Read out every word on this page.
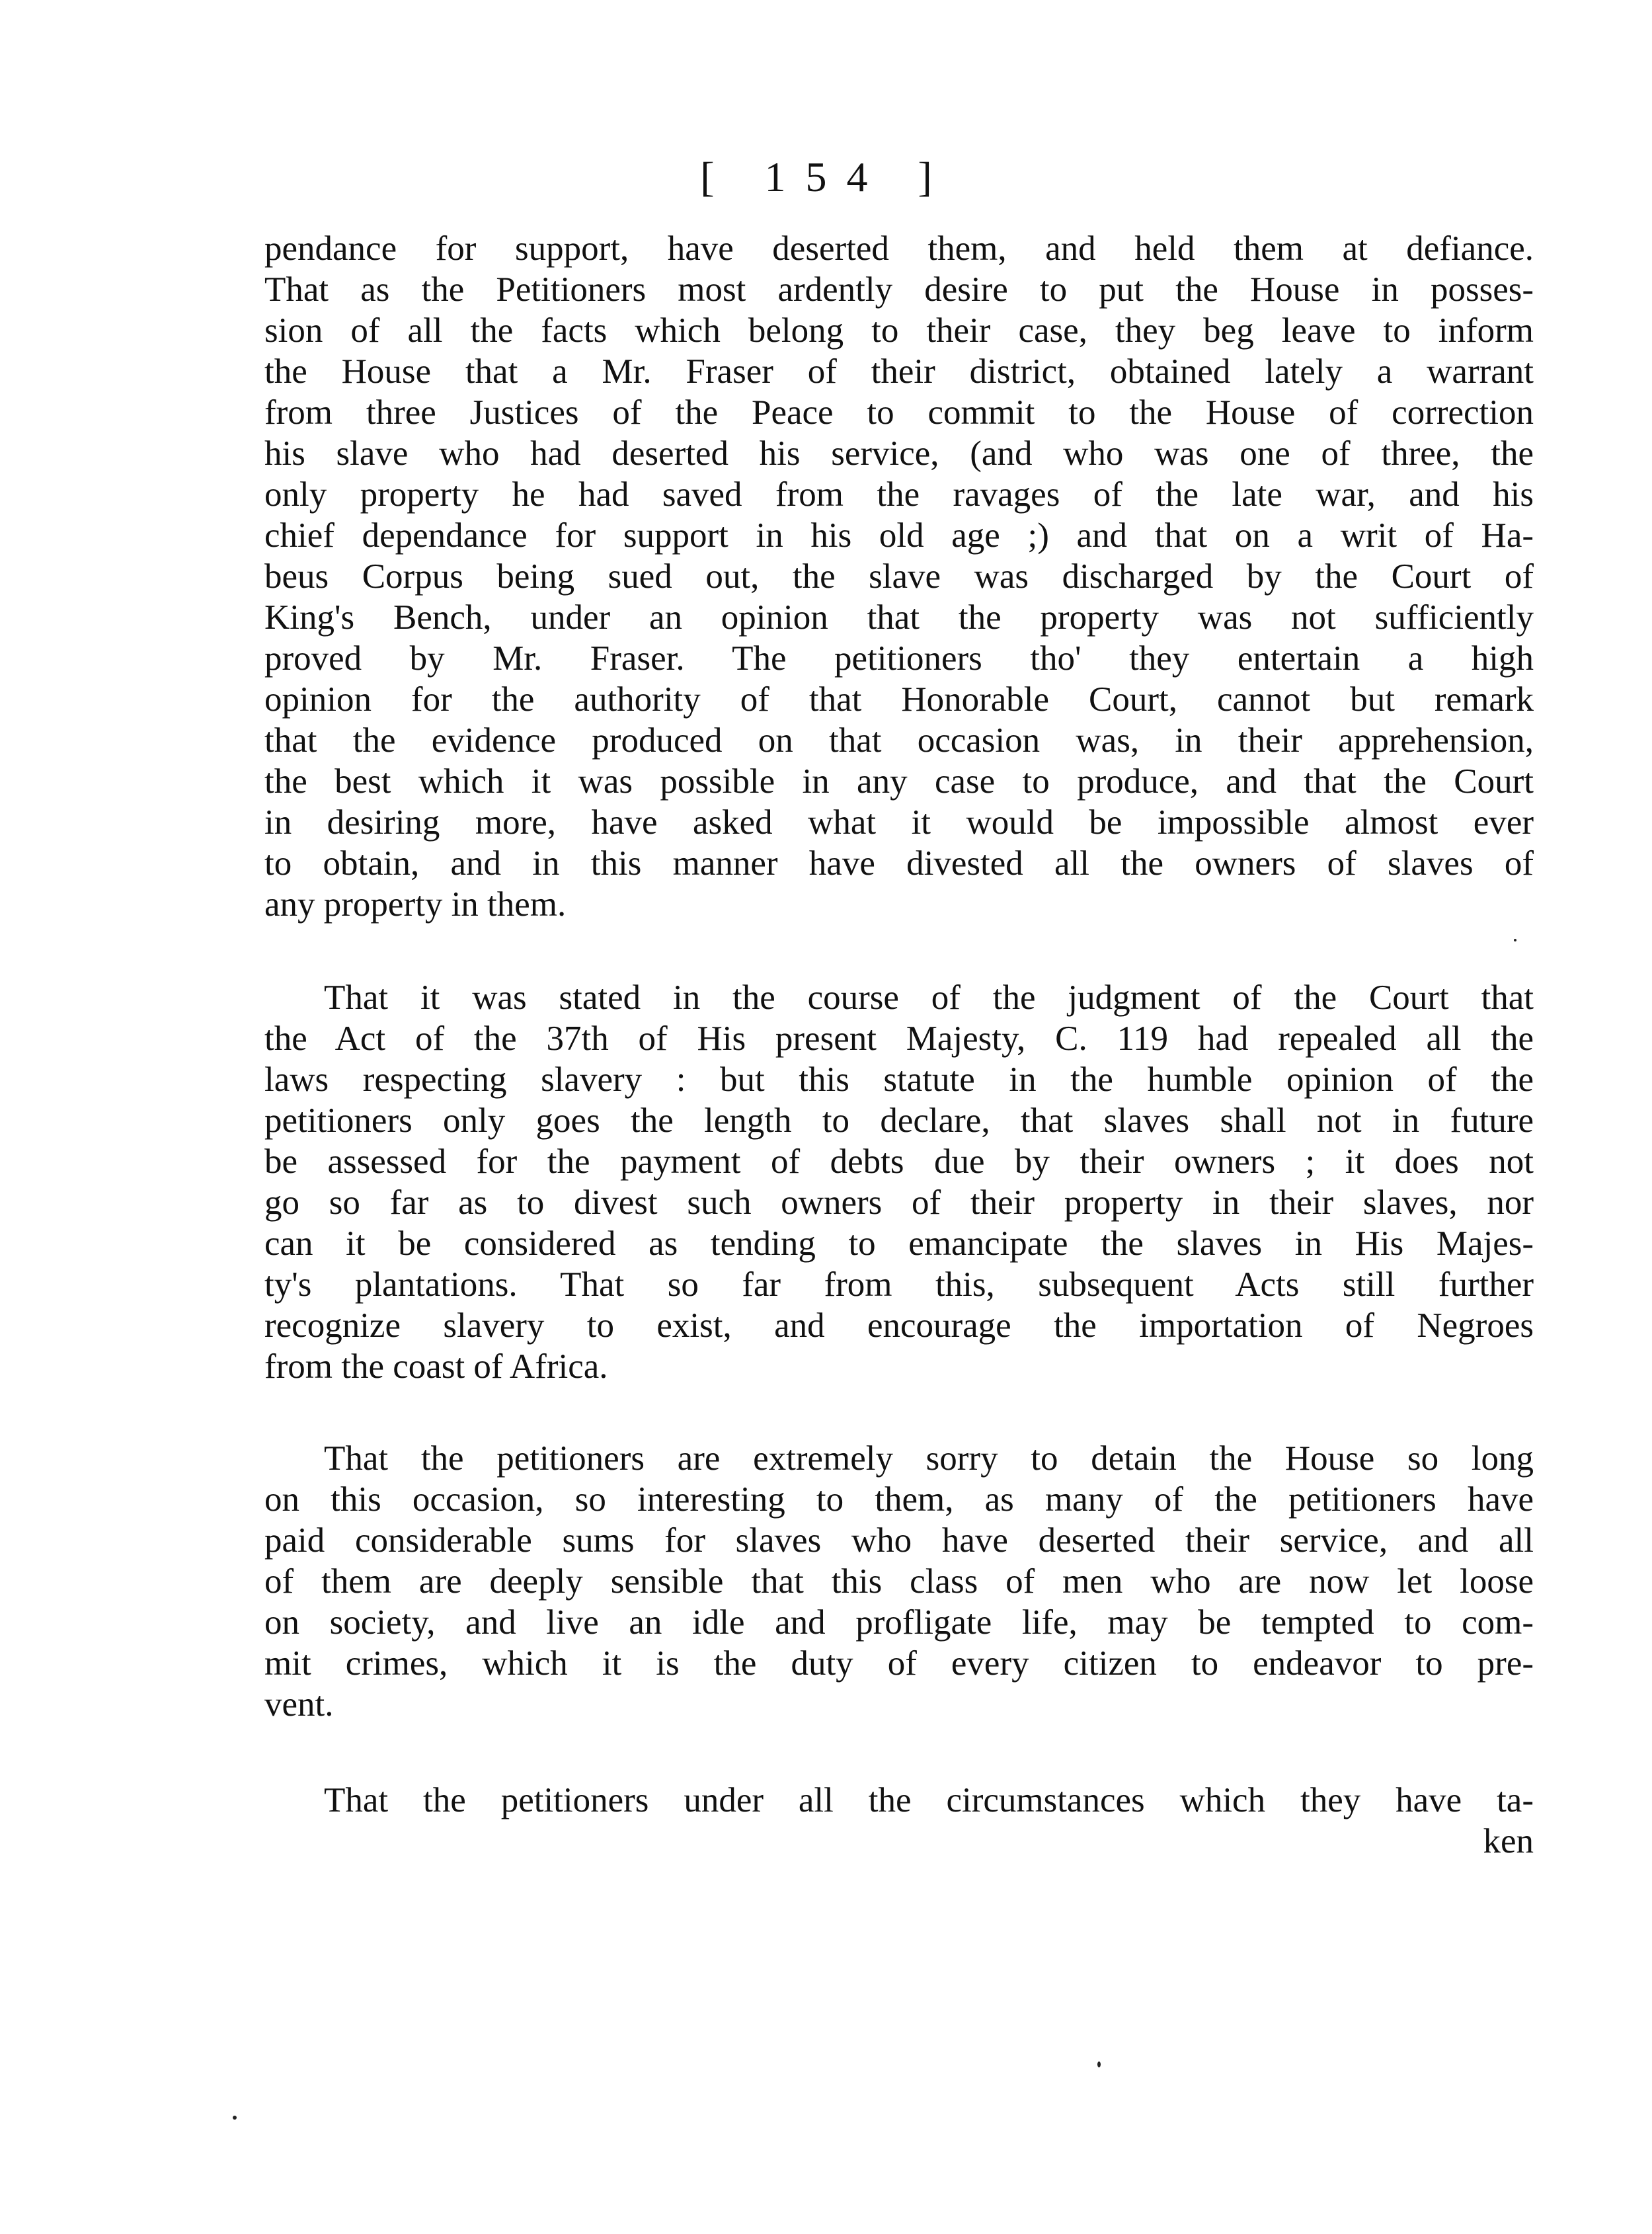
[ 154 ]
pendance for support, have deserted them, and held them at defiance.
That as the Petitioners most ardently desire to put the House in posses-
sion of all the facts which belong to their case, they beg leave to inform
the House that a Mr. Fraser of their district, obtained lately a warrant
from three Justices of the Peace to commit to the House of correction
his slave who had deserted his service, (and who was one of three, the
only property he had saved from the ravages of the late war, and his
chief dependance for support in his old age ;) and that on a writ of Ha-
beus Corpus being sued out, the slave was discharged by the Court of
King's Bench, under an opinion that the property was not sufficiently
proved by Mr. Fraser. The petitioners tho' they entertain a high
opinion for the authority of that Honorable Court, cannot but remark
that the evidence produced on that occasion was, in their apprehension,
the best which it was possible in any case to produce, and that the Court
in desiring more, have asked what it would be impossible almost ever
to obtain, and in this manner have divested all the owners of slaves of
any property in them.
That it was stated in the course of the judgment of the Court that
the Act of the 37th of His present Majesty, C. 119 had repealed all the
laws respecting slavery : but this statute in the humble opinion of the
petitioners only goes the length to declare, that slaves shall not in future
be assessed for the payment of debts due by their owners ; it does not
go so far as to divest such owners of their property in their slaves, nor
can it be considered as tending to emancipate the slaves in His Majes-
ty's plantations. That so far from this, subsequent Acts still further
recognize slavery to exist, and encourage the importation of Negroes
from the coast of Africa.
That the petitioners are extremely sorry to detain the House so long
on this occasion, so interesting to them, as many of the petitioners have
paid considerable sums for slaves who have deserted their service, and all
of them are deeply sensible that this class of men who are now let loose
on society, and live an idle and profligate life, may be tempted to com-
mit crimes, which it is the duty of every citizen to endeavor to pre-
vent.
That the petitioners under all the circumstances which they have ta-
ken
